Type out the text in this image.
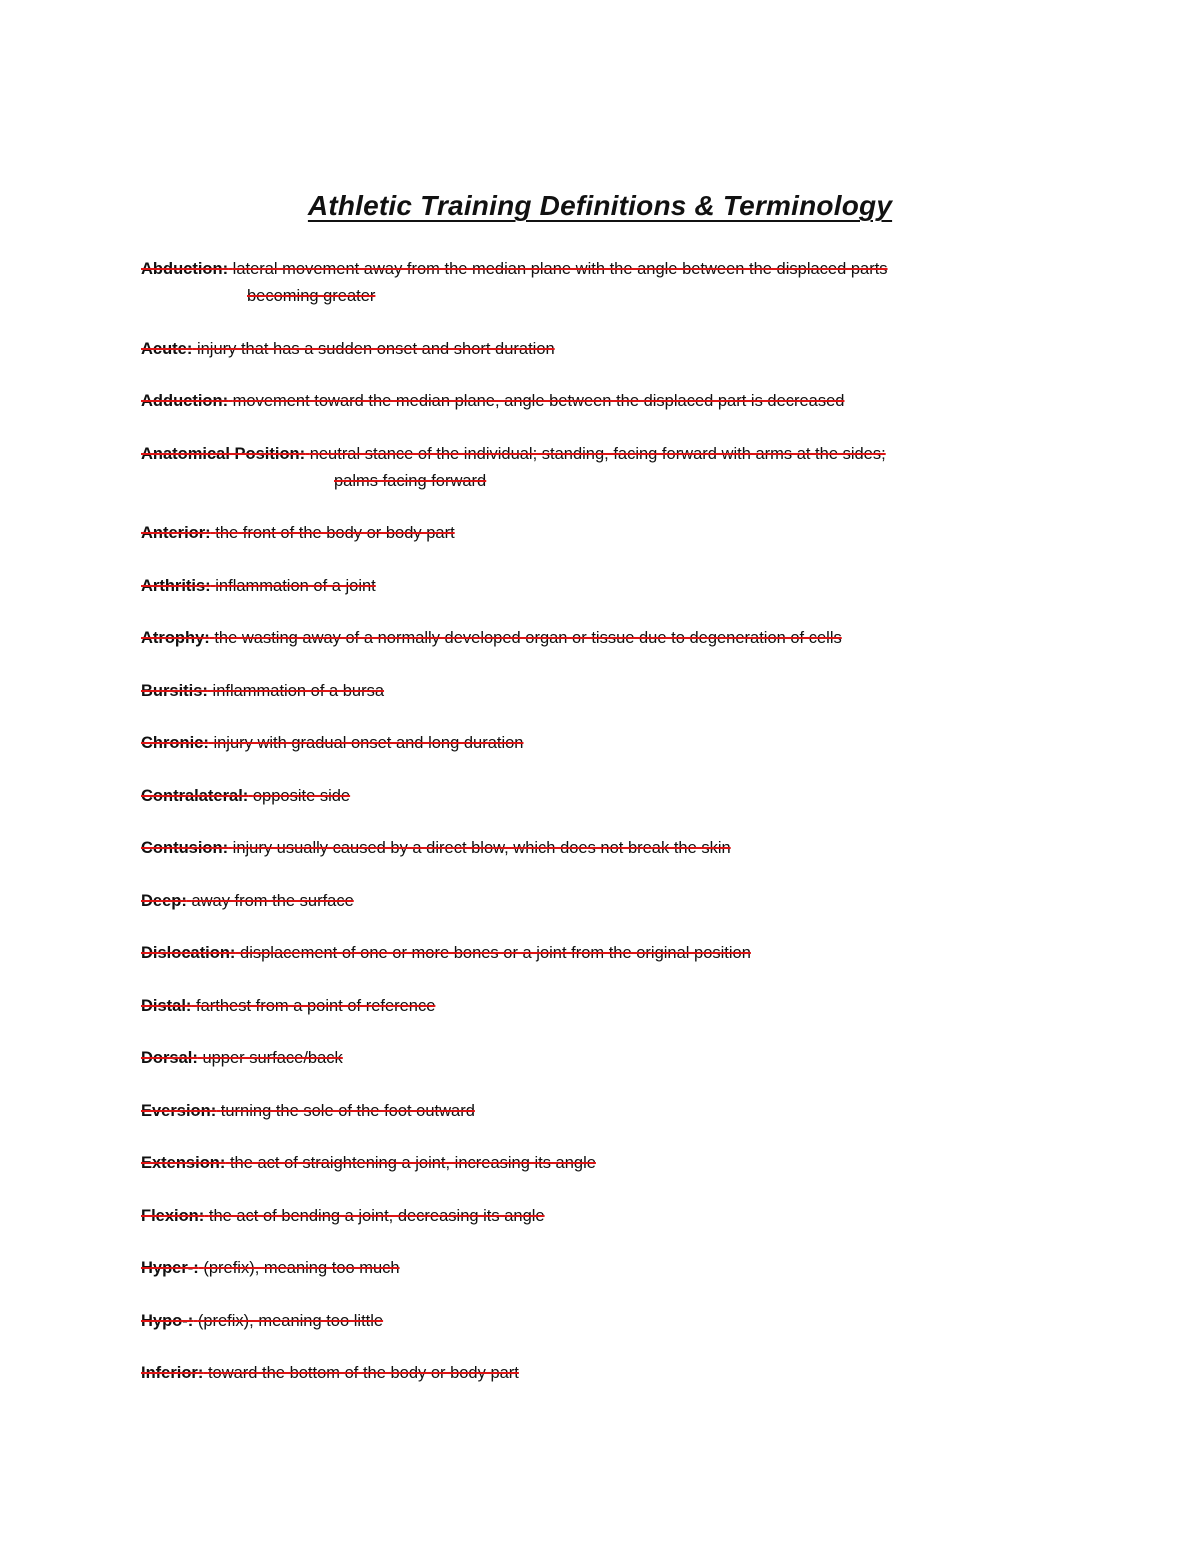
Athletic Training Definitions & Terminology
Abduction: lateral movement away from the median plane with the angle between the displaced parts
becoming greater
Acute: injury that has a sudden onset and short duration
Adduction: movement toward the median plane, angle between the displaced part is decreased
Anatomical Position: neutral stance of the individual; standing, facing forward with arms at the sides;
palms facing forward
Anterior: the front of the body or body part
Arthritis: inflammation of a joint
Atrophy: the wasting away of a normally developed organ or tissue due to degeneration of cells
Bursitis: inflammation of a bursa
Chronic: injury with gradual onset and long duration
Contralateral: opposite side
Contusion: injury usually caused by a direct blow, which does not break the skin
Deep: away from the surface
Dislocation: displacement of one or more bones or a joint from the original position
Distal: farthest from a point of reference
Dorsal: upper surface/back
Eversion: turning the sole of the foot outward
Extension: the act of straightening a joint, increasing its angle
Flexion: the act of bending a joint, decreasing its angle
Hyper-: (prefix), meaning too much
Hypo-: (prefix), meaning too little
Inferior: toward the bottom of the body or body part
